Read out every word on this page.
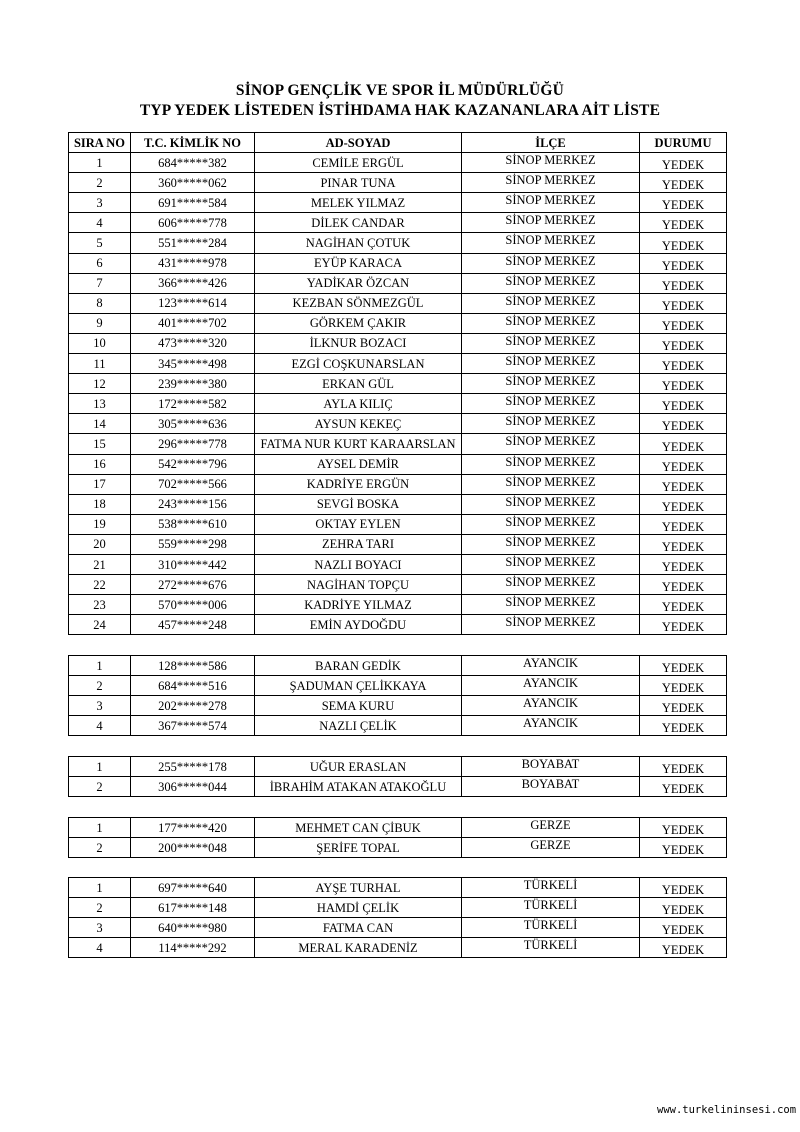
SİNOP GENÇLİK VE SPOR İL MÜDÜRLÜĞÜ
TYP YEDEK LİSTEDEN İSTİHDAMA HAK KAZANANLARA AİT LİSTE
SIRA NO	T.C. KİMLİK NO	AD-SOYAD	İLÇE	DURUMU
1	684*****382	CEMİLE ERGÜL	SİNOP MERKEZ	YEDEK
2	360*****062	PINAR TUNA	SİNOP MERKEZ	YEDEK
3	691*****584	MELEK YILMAZ	SİNOP MERKEZ	YEDEK
4	606*****778	DİLEK CANDAR	SİNOP MERKEZ	YEDEK
5	551*****284	NAGİHAN ÇOTUK	SİNOP MERKEZ	YEDEK
6	431*****978	EYÜP KARACA	SİNOP MERKEZ	YEDEK
7	366*****426	YADİKAR ÖZCAN	SİNOP MERKEZ	YEDEK
8	123*****614	KEZBAN SÖNMEZGÜL	SİNOP MERKEZ	YEDEK
9	401*****702	GÖRKEM ÇAKIR	SİNOP MERKEZ	YEDEK
10	473*****320	İLKNUR BOZACI	SİNOP MERKEZ	YEDEK
11	345*****498	EZGİ COŞKUNARSLAN	SİNOP MERKEZ	YEDEK
12	239*****380	ERKAN GÜL	SİNOP MERKEZ	YEDEK
13	172*****582	AYLA KILIÇ	SİNOP MERKEZ	YEDEK
14	305*****636	AYSUN KEKEÇ	SİNOP MERKEZ	YEDEK
15	296*****778	FATMA NUR KURT KARAARSLAN	SİNOP MERKEZ	YEDEK
16	542*****796	AYSEL DEMİR	SİNOP MERKEZ	YEDEK
17	702*****566	KADRİYE ERGÜN	SİNOP MERKEZ	YEDEK
18	243*****156	SEVGİ BOSKA	SİNOP MERKEZ	YEDEK
19	538*****610	OKTAY EYLEN	SİNOP MERKEZ	YEDEK
20	559*****298	ZEHRA TARI	SİNOP MERKEZ	YEDEK
21	310*****442	NAZLI BOYACI	SİNOP MERKEZ	YEDEK
22	272*****676	NAGİHAN TOPÇU	SİNOP MERKEZ	YEDEK
23	570*****006	KADRİYE YILMAZ	SİNOP MERKEZ	YEDEK
24	457*****248	EMİN AYDOĞDU	SİNOP MERKEZ	YEDEK
1	128*****586	BARAN GEDİK	AYANCIK	YEDEK
2	684*****516	ŞADUMAN ÇELİKKAYA	AYANCIK	YEDEK
3	202*****278	SEMA KURU	AYANCIK	YEDEK
4	367*****574	NAZLI ÇELİK	AYANCIK	YEDEK
1	255*****178	UĞUR ERASLAN	BOYABAT	YEDEK
2	306*****044	İBRAHİM ATAKAN ATAKOĞLU	BOYABAT	YEDEK
1	177*****420	MEHMET CAN ÇİBUK	GERZE	YEDEK
2	200*****048	ŞERİFE TOPAL	GERZE	YEDEK
1	697*****640	AYŞE TURHAL	TÜRKELİ	YEDEK
2	617*****148	HAMDİ ÇELİK	TÜRKELİ	YEDEK
3	640*****980	FATMA CAN	TÜRKELİ	YEDEK
4	114*****292	MERAL KARADENİZ	TÜRKELİ	YEDEK
www.turkelininsesi.com
